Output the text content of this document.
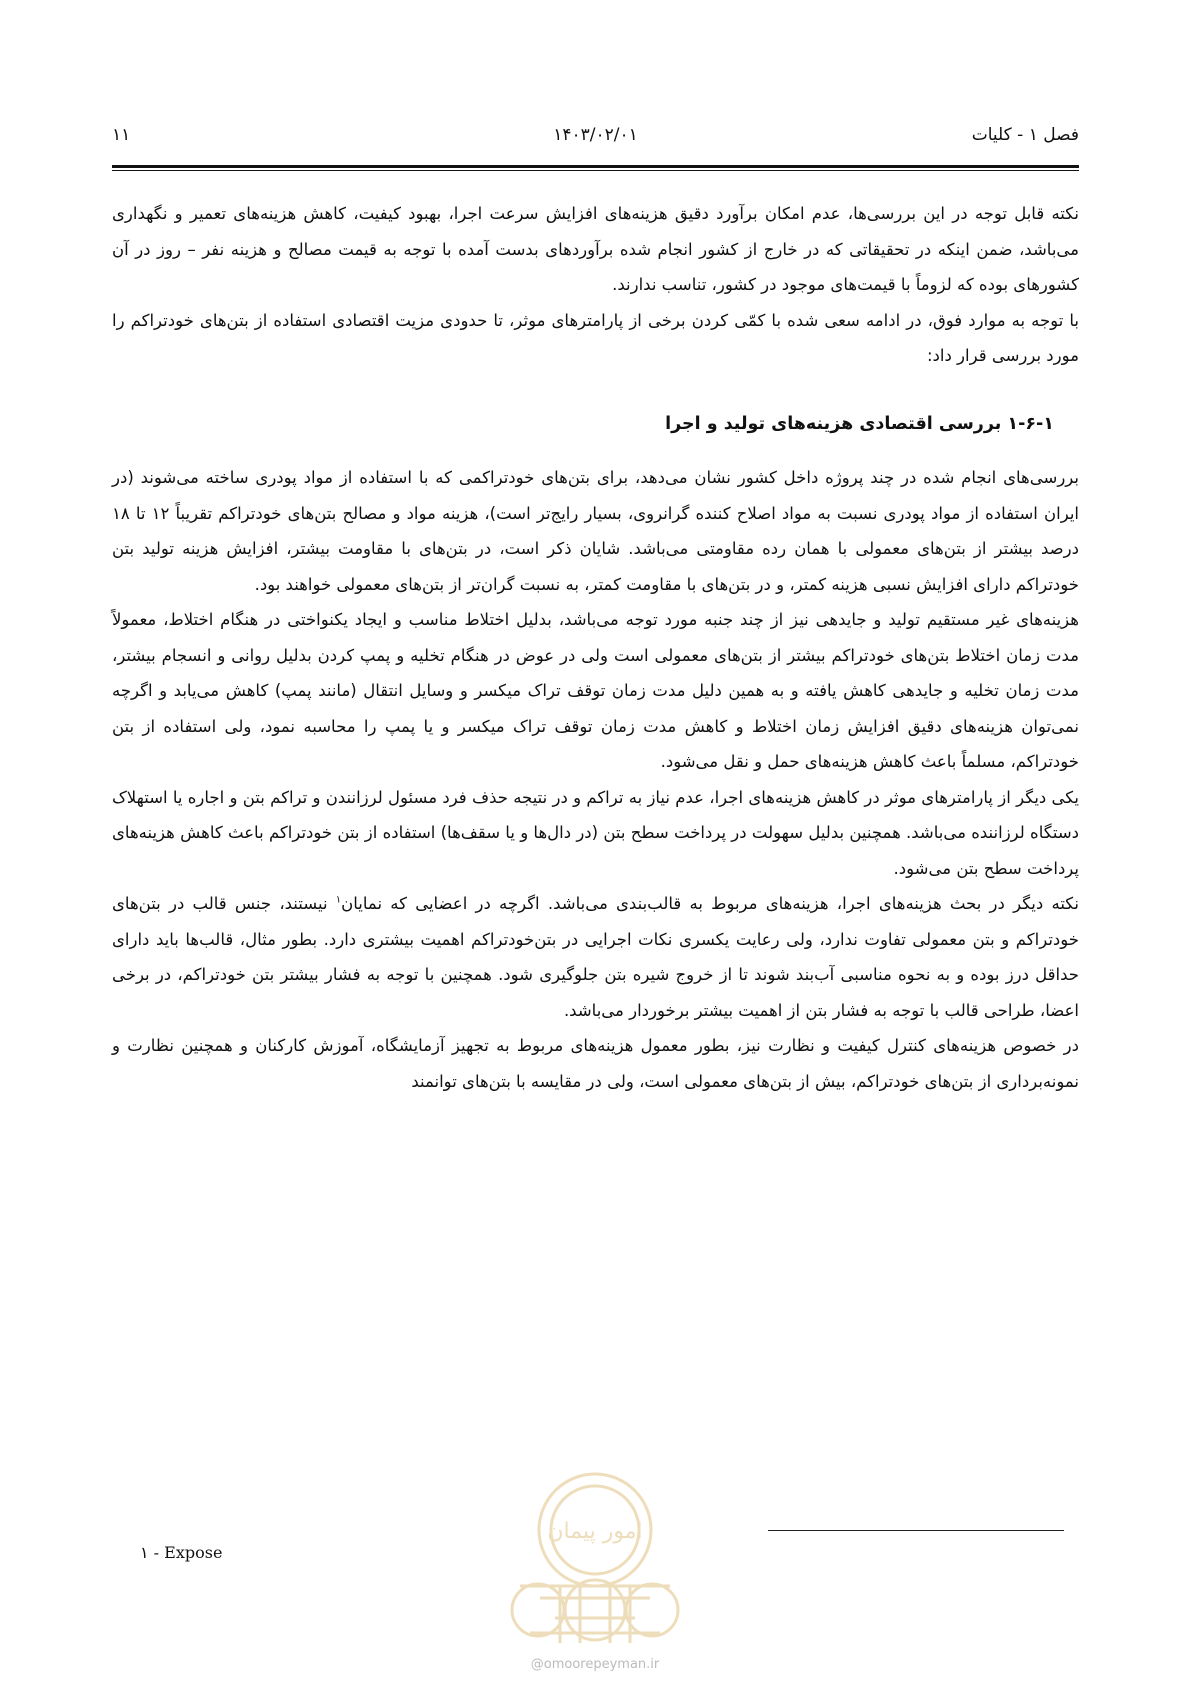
۱۱	۱۴۰۳/۰۲/۰۱	فصل ۱ - کلیات

نکته قابل توجه در این بررسی‌ها، عدم امکان برآورد دقیق هزینه‌های افزایش سرعت اجرا، بهبود کیفیت، کاهش هزینه‌های تعمیر و نگهداری می‌باشد، ضمن اینکه در تحقیقاتی که در خارج از کشور انجام شده برآوردهای بدست آمده با توجه به قیمت مصالح و هزینه نفر – روز در آن کشورهای بوده که لزوماً با قیمت‌های موجود در کشور، تناسب ندارند.

با توجه به موارد فوق، در ادامه سعی شده با کمّی کردن برخی از پارامترهای موثر، تا حدودی مزیت اقتصادی استفاده از بتن‌های خودتراکم را مورد بررسی قرار داد:

۱-۶-۱ بررسی اقتصادی هزینه‌های تولید و اجرا

بررسی‌های انجام شده در چند پروژه داخل کشور نشان می‌دهد، برای بتن‌های خودتراکمی که با استفاده از مواد پودری ساخته می‌شوند (در ایران استفاده از مواد پودری نسبت به مواد اصلاح کننده گرانروی، بسیار رایج‌تر است)، هزینه مواد و مصالح بتن‌های خودتراکم تقریباً ۱۲ تا ۱۸ درصد بیشتر از بتن‌های معمولی با همان رده مقاومتی می‌باشد. شایان ذکر است، در بتن‌های با مقاومت بیشتر، افزایش هزینه تولید بتن خودتراکم دارای افزایش نسبی هزینه کمتر، و در بتن‌های با مقاومت کمتر، به نسبت گران‌تر از بتن‌های معمولی خواهند بود.

هزینه‌های غیر مستقیم تولید و جایدهی نیز از چند جنبه مورد توجه می‌باشد، بدلیل اختلاط مناسب و ایجاد یکنواختی در هنگام اختلاط، معمولاً مدت زمان اختلاط بتن‌های خودتراکم بیشتر از بتن‌های معمولی است ولی در عوض در هنگام تخلیه و پمپ کردن بدلیل روانی و انسجام بیشتر، مدت زمان تخلیه و جایدهی کاهش یافته و به همین دلیل مدت زمان توقف تراک میکسر و وسایل انتقال (مانند پمپ) کاهش می‌یابد و اگرچه نمی‌توان هزینه‌های دقیق افزایش زمان اختلاط و کاهش مدت زمان توقف تراک میکسر و یا پمپ را محاسبه نمود، ولی استفاده از بتن خودتراکم، مسلماً باعث کاهش هزینه‌های حمل و نقل می‌شود.

یکی دیگر از پارامترهای موثر در کاهش هزینه‌های اجرا، عدم نیاز به تراکم و در نتیجه حذف فرد مسئول لرزانندن و تراکم بتن و اجاره یا استهلاک دستگاه لرزاننده می‌باشد. همچنین بدلیل سهولت در پرداخت سطح بتن (در دال‌ها و یا سقف‌ها) استفاده از بتن خودتراکم باعث کاهش هزینه‌های پرداخت سطح بتن می‌شود.

نکته دیگر در بحث هزینه‌های اجرا، هزینه‌های مربوط به قالب‌بندی می‌باشد. اگرچه در اعضایی که نمایان$^۱$ نیستند، جنس قالب در بتن‌های خودتراکم و بتن معمولی تفاوت ندارد، ولی رعایت یکسری نکات اجرایی در بتن‌خودتراکم اهمیت بیشتری دارد. بطور مثال، قالب‌ها باید دارای حداقل درز بوده و به نحوه مناسبی آب‌بند شوند تا از خروج شیره بتن جلوگیری شود. همچنین با توجه به فشار بیشتر بتن خودتراکم، در برخی اعضا، طراحی قالب با توجه به فشار بتن از اهمیت بیشتر برخوردار می‌باشد.

در خصوص هزینه‌های کنترل کیفیت و نظارت نیز، بطور معمول هزینه‌های مربوط به تجهیز آزمایشگاه، آموزش کارکنان و همچنین نظارت و نمونه‌برداری از بتن‌های خودتراکم، بیش از بتن‌های معمولی است، ولی در مقایسه با بتن‌های توانمند

۱ - Expose
امور پیمان
@omoorepeyman.ir
